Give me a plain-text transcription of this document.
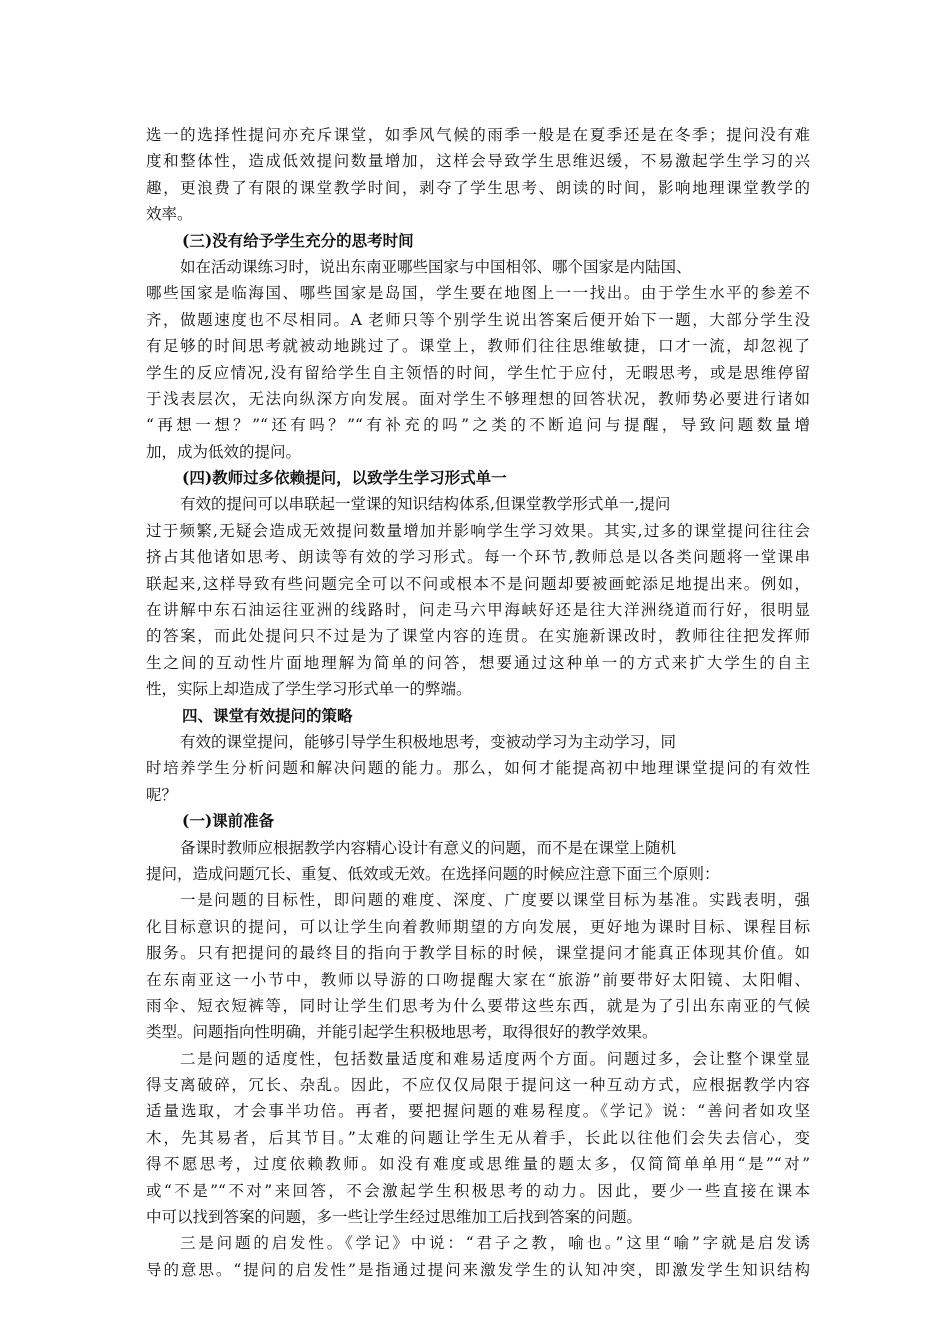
选一的选择性提问亦充斥课堂，如季风气候的雨季一般是在夏季还是在冬季；提问没有难
度和整体性，造成低效提问数量增加，这样会导致学生思维迟缓，不易激起学生学习的兴
趣，更浪费了有限的课堂教学时间，剥夺了学生思考、朗读的时间，影响地理课堂教学的
效率。
(三)没有给予学生充分的思考时间
如在活动课练习时，说出东南亚哪些国家与中国相邻、哪个国家是内陆国、
哪些国家是临海国、哪些国家是岛国，学生要在地图上一一找出。由于学生水平的参差不
齐，做题速度也不尽相同。A 老师只等个别学生说出答案后便开始下一题，大部分学生没
有足够的时间思考就被动地跳过了。课堂上，教师们往往思维敏捷，口才一流，却忽视了
学生的反应情况,没有留给学生自主领悟的时间，学生忙于应付，无暇思考，或是思维停留
于浅表层次，无法向纵深方向发展。面对学生不够理想的回答状况，教师势必要进行诸如
“再想一想？”“还有吗？”“有补充的吗”之类的不断追问与提醒，导致问题数量增
加，成为低效的提问。
(四)教师过多依赖提问，以致学生学习形式单一
有效的提问可以串联起一堂课的知识结构体系,但课堂教学形式单一,提问
过于频繁,无疑会造成无效提问数量增加并影响学生学习效果。其实,过多的课堂提问往往会
挤占其他诸如思考、朗读等有效的学习形式。每一个环节,教师总是以各类问题将一堂课串
联起来,这样导致有些问题完全可以不问或根本不是问题却要被画蛇添足地提出来。例如，
在讲解中东石油运往亚洲的线路时，问走马六甲海峡好还是往大洋洲绕道而行好，很明显
的答案，而此处提问只不过是为了课堂内容的连贯。在实施新课改时，教师往往把发挥师
生之间的互动性片面地理解为简单的问答，想要通过这种单一的方式来扩大学生的自主
性，实际上却造成了学生学习形式单一的弊端。
四、课堂有效提问的策略
有效的课堂提问，能够引导学生积极地思考，变被动学习为主动学习，同
时培养学生分析问题和解决问题的能力。那么，如何才能提高初中地理课堂提问的有效性
呢？
(一)课前准备
备课时教师应根据教学内容精心设计有意义的问题，而不是在课堂上随机
提问，造成问题冗长、重复、低效或无效。在选择问题的时候应注意下面三个原则：
一是问题的目标性，即问题的难度、深度、广度要以课堂目标为基准。实践表明，强
化目标意识的提问，可以让学生向着教师期望的方向发展，更好地为课时目标、课程目标
服务。只有把提问的最终目的指向于教学目标的时候，课堂提问才能真正体现其价值。如
在东南亚这一小节中，教师以导游的口吻提醒大家在“旅游”前要带好太阳镜、太阳帽、
雨伞、短衣短裤等，同时让学生们思考为什么要带这些东西，就是为了引出东南亚的气候
类型。问题指向性明确，并能引起学生积极地思考，取得很好的教学效果。
二是问题的适度性，包括数量适度和难易适度两个方面。问题过多，会让整个课堂显
得支离破碎，冗长、杂乱。因此，不应仅仅局限于提问这一种互动方式，应根据教学内容
适量选取，才会事半功倍。再者，要把握问题的难易程度。《学记》说：“善问者如攻坚
木，先其易者，后其节目。”太难的问题让学生无从着手，长此以往他们会失去信心，变
得不愿思考，过度依赖教师。如没有难度或思维量的题太多，仅简简单单用“是”“对”
或“不是”“不对”来回答，不会激起学生积极思考的动力。因此，要少一些直接在课本
中可以找到答案的问题，多一些让学生经过思维加工后找到答案的问题。
三是问题的启发性。《学记》中说：“君子之教，喻也。”这里“喻”字就是启发诱
导的意思。“提问的启发性”是指通过提问来激发学生的认知冲突，即激发学生知识结构
